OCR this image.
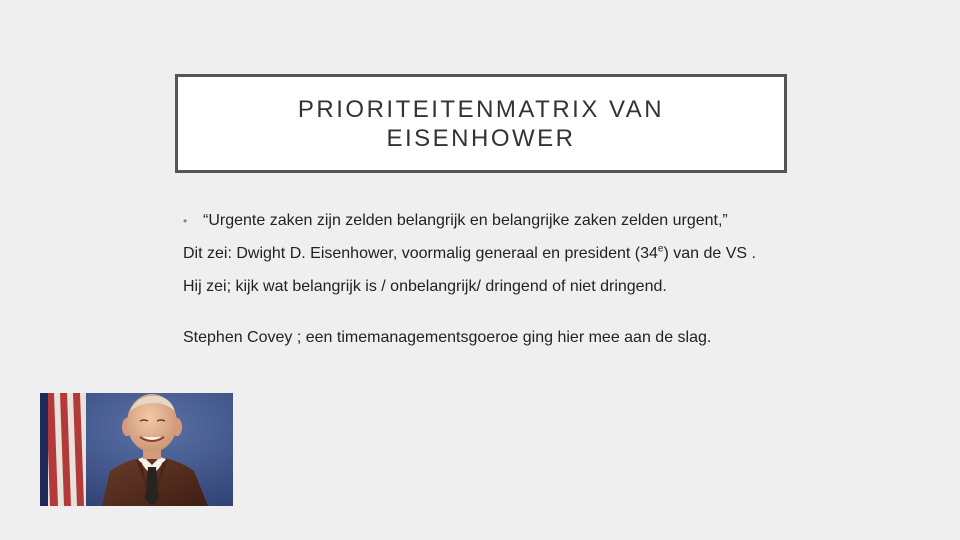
PRIORITEITENMATRIX VAN
EISENHOWER
• “Urgente zaken zijn zelden belangrijk en belangrijke zaken zelden urgent,”

Dit zei: Dwight D. Eisenhower, voormalig generaal en president (34e) van de VS .

Hij zei; kijk wat belangrijk is / onbelangrijk/ dringend of niet dringend.

Stephen Covey ; een timemanagementsgoeroe ging hier mee aan de slag.
